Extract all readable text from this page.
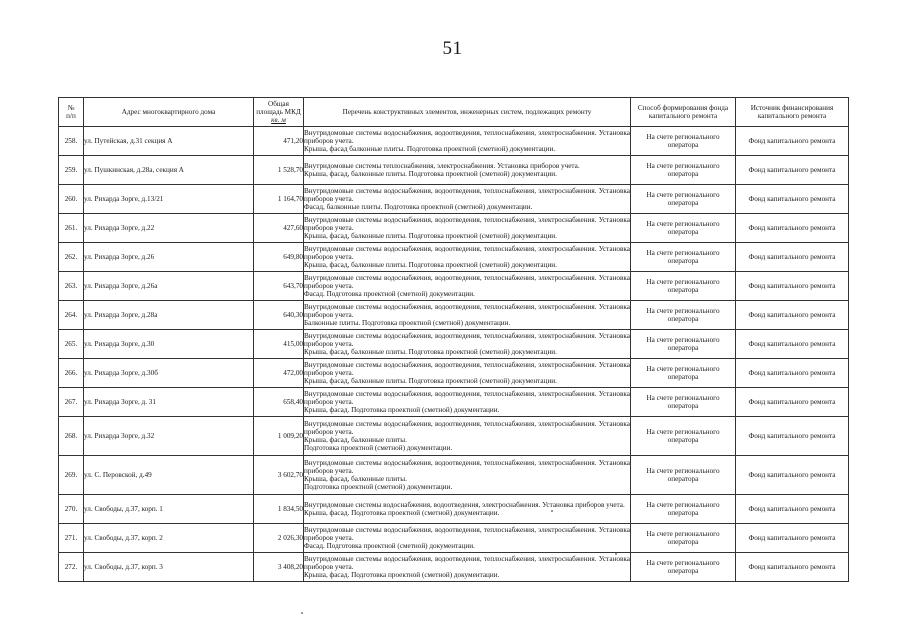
51
№
п/п	Адрес многоквартирного дома	Общая
площадь МКД
кв. м	Перечень конструктивных элементов, инженерных систем, подлежащих ремонту	Способ формирования фонда капитального ремонта	Источник финансирования капитального ремонта
258.	ул. Путейская, д.31 секция А	471,20	Внутридомовые системы водоснабжения, водоотведения, теплоснабжения, электроснабжения. Установка приборов учета.
Крыша, фасад балконные плиты. Подготовка проектной (сметной) документации.	На счете регионального оператора	Фонд капитального ремонта
259.	ул. Пушкинская, д.28а, секция А	1 528,70	Внутридомовые системы теплоснабжения, электроснабжения. Установка приборов учета.
Крыша, фасад, балконные плиты. Подготовка проектной (сметной) документации.	На счете регионального оператора	Фонд капитального ремонта
260.	ул. Рихарда Зорге, д.13/21	1 164,70	Внутридомовые системы водоснабжения, водоотведения, теплоснабжения, электроснабжения. Установка приборов учета.
Фасад, балконные плиты. Подготовка проектной (сметной) документации.	На счете регионального оператора	Фонд капитального ремонта
261.	ул. Рихарда Зорге, д.22	427,60	Внутридомовые системы водоснабжения, водоотведения, теплоснабжения, электроснабжения. Установка приборов учета.
Крыша, фасад, балконные плиты. Подготовка проектной (сметной) документации.	На счете регионального оператора	Фонд капитального ремонта
262.	ул. Рихарда Зорге, д.26	649,80	Внутридомовые системы водоснабжения, водоотведения, теплоснабжения, электроснабжения. Установка приборов учета.
Крыша, фасад, балконные плиты. Подготовка проектной (сметной) документации.	На счете регионального оператора	Фонд капитального ремонта
263.	ул. Рихарда Зорге, д.26а	643,70	Внутридомовые системы водоснабжения, водоотведения, теплоснабжения, электроснабжения. Установка приборов учета.
Фасад. Подготовка проектной (сметной) документации.	На счете регионального оператора	Фонд капитального ремонта
264.	ул. Рихарда Зорге, д.28а	640,30	Внутридомовые системы водоснабжения, водоотведения, теплоснабжения, электроснабжения. Установка приборов учета.
Балконные плиты. Подготовка проектной (сметной) документации.	На счете регионального оператора	Фонд капитального ремонта
265.	ул. Рихарда Зорге, д.30	415,00	Внутридомовые системы водоснабжения, водоотведения, теплоснабжения, электроснабжения. Установка приборов учета.
Крыша, фасад, балконные плиты. Подготовка проектной (сметной) документации.	На счете регионального оператора	Фонд капитального ремонта
266.	ул. Рихарда Зорге, д.30б	472,00	Внутридомовые системы водоснабжения, водоотведения, теплоснабжения, электроснабжения. Установка приборов учета.
Крыша, фасад, балконные плиты. Подготовка проектной (сметной) документации.	На счете регионального оператора	Фонд капитального ремонта
267.	ул. Рихарда Зорге, д. 31	658,40	Внутридомовые системы водоснабжения, водоотведения, теплоснабжения, электроснабжения. Установка приборов учета.
Крыша, фасад. Подготовка проектной (сметной) документации.	На счете регионального оператора	Фонд капитального ремонта
268.	ул. Рихарда Зорге, д.32	1 009,20	Внутридомовые системы водоснабжения, водоотведения, теплоснабжения, электроснабжения. Установка приборов учета.
Крыша, фасад, балконные плиты.
Подготовка проектной (сметной) документации.	На счете регионального оператора	Фонд капитального ремонта
269.	ул. С. Перовской, д.49	3 602,70	Внутридомовые системы водоснабжения, водоотведения, теплоснабжения, электроснабжения. Установка приборов учета.
Крыша, фасад, балконные плиты.
Подготовка проектной (сметной) документации.	На счете регионального оператора	Фонд капитального ремонта
270.	ул. Свободы, д.37, корп. 1	1 834,50	Внутридомовые системы водоснабжения, водоотведения, электроснабжения. Установка приборов учета.
Крыша, фасад. Подготовка проектной (сметной) документации.	На счете регионального оператора	Фонд капитального ремонта
271.	ул. Свободы, д.37, корп. 2	2 026,30	Внутридомовые системы водоснабжения, водоотведения, теплоснабжения, электроснабжения. Установка приборов учета.
Фасад. Подготовка проектной (сметной) документации.	На счете регионального оператора	Фонд капитального ремонта
272.	ул. Свободы, д.37, корп. 3	3 408,20	Внутридомовые системы водоснабжения, водоотведения, теплоснабжения, электроснабжения. Установка приборов учета.
Крыша, фасад. Подготовка проектной (сметной) документации.	На счете регионального оператора	Фонд капитального ремонта
